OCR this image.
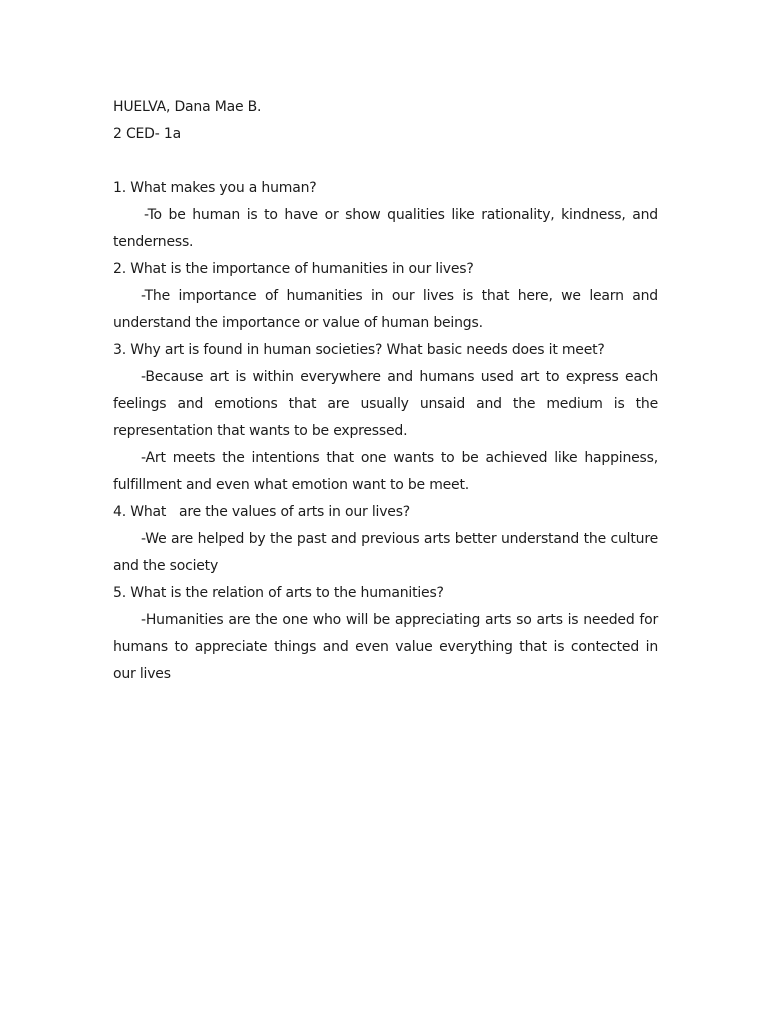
HUELVA, Dana Mae B.
2 CED- 1a
1. What makes you a human?
-To be human is to have or show qualities like rationality, kindness, and tenderness.
2. What is the importance of humanities in our lives?
-The importance of humanities in our lives is that here, we learn and understand the importance or value of human beings.
3. Why art is found in human societies? What basic needs does it meet?
-Because art is within everywhere and humans used art to express each feelings and emotions that are usually unsaid and the medium is the representation that wants to be expressed.
-Art meets the intentions that one wants to be achieved like happiness, fulfillment and even what emotion want to be meet.
4. What   are the values of arts in our lives?
-We are helped by the past and previous arts better understand the culture and the society
5. What is the relation of arts to the humanities?
-Humanities are the one who will be appreciating arts so arts is needed for humans to appreciate things and even value everything that is contected in our lives
